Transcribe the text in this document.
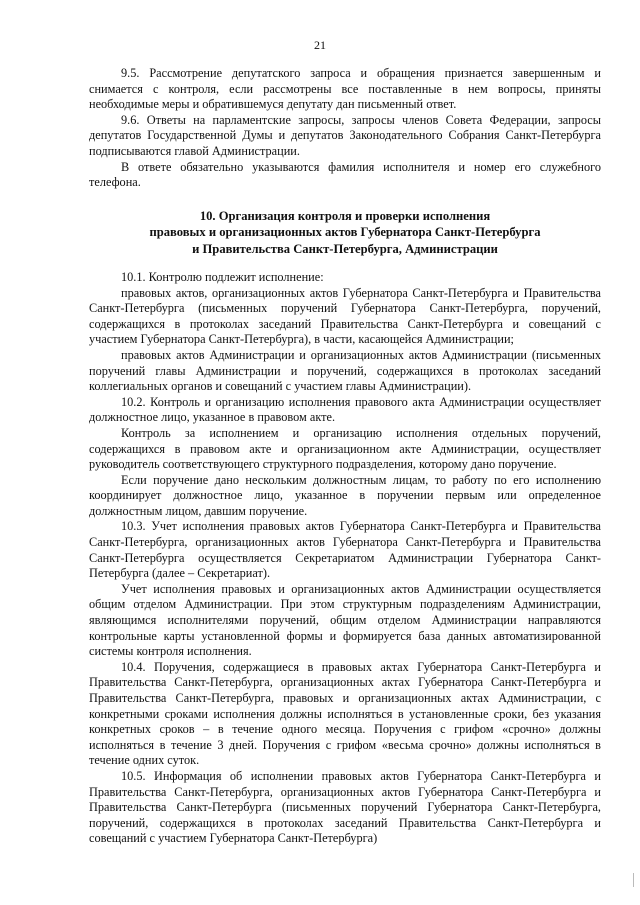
21

9.5. Рассмотрение депутатского запроса и обращения признается завершенным и снимается с контроля, если рассмотрены все поставленные в нем вопросы, приняты необходимые меры и обратившемуся депутату дан письменный ответ.

9.6. Ответы на парламентские запросы, запросы членов Совета Федерации, запросы депутатов Государственной Думы и депутатов Законодательного Собрания Санкт-Петербурга подписываются главой Администрации.

В ответе обязательно указываются фамилия исполнителя и номер его служебного телефона.

10. Организация контроля и проверки исполнения
правовых и организационных актов Губернатора Санкт-Петербурга
и Правительства Санкт-Петербурга, Администрации

10.1. Контролю подлежит исполнение:

правовых актов, организационных актов Губернатора Санкт-Петербурга и Правительства Санкт-Петербурга (письменных поручений Губернатора Санкт-Петербурга, поручений, содержащихся в протоколах заседаний Правительства Санкт-Петербурга и совещаний с участием Губернатора Санкт-Петербурга), в части, касающейся Администрации;

правовых актов Администрации и организационных актов Администрации (письменных поручений главы Администрации и поручений, содержащихся в протоколах заседаний коллегиальных органов и совещаний с участием главы Администрации).

10.2. Контроль и организацию исполнения правового акта Администрации осуществляет должностное лицо, указанное в правовом акте.

Контроль за исполнением и организацию исполнения отдельных поручений, содержащихся в правовом акте и организационном акте Администрации, осуществляет руководитель соответствующего структурного подразделения, которому дано поручение.

Если поручение дано нескольким должностным лицам, то работу по его исполнению координирует должностное лицо, указанное в поручении первым или определенное должностным лицом, давшим поручение.

10.3. Учет исполнения правовых актов Губернатора Санкт-Петербурга и Правительства Санкт-Петербурга, организационных актов Губернатора Санкт-Петербурга и Правительства Санкт-Петербурга осуществляется Секретариатом Администрации Губернатора Санкт-Петербурга (далее – Секретариат).

Учет исполнения правовых и организационных актов Администрации осуществляется общим отделом Администрации. При этом структурным подразделениям Администрации, являющимся исполнителями поручений, общим отделом Администрации направляются контрольные карты установленной формы и формируется база данных автоматизированной системы контроля исполнения.

10.4. Поручения, содержащиеся в правовых актах Губернатора Санкт-Петербурга и Правительства Санкт-Петербурга, организационных актах Губернатора Санкт-Петербурга и Правительства Санкт-Петербурга, правовых и организационных актах Администрации, с конкретными сроками исполнения должны исполняться в установленные сроки, без указания конкретных сроков – в течение одного месяца. Поручения с грифом «срочно» должны исполняться в течение 3 дней. Поручения с грифом «весьма срочно» должны исполняться в течение одних суток.

10.5. Информация об исполнении правовых актов Губернатора Санкт-Петербурга и Правительства Санкт-Петербурга, организационных актов Губернатора Санкт-Петербурга и Правительства Санкт-Петербурга (письменных поручений Губернатора Санкт-Петербурга, поручений, содержащихся в протоколах заседаний Правительства Санкт-Петербурга и совещаний с участием Губернатора Санкт-Петербурга)
